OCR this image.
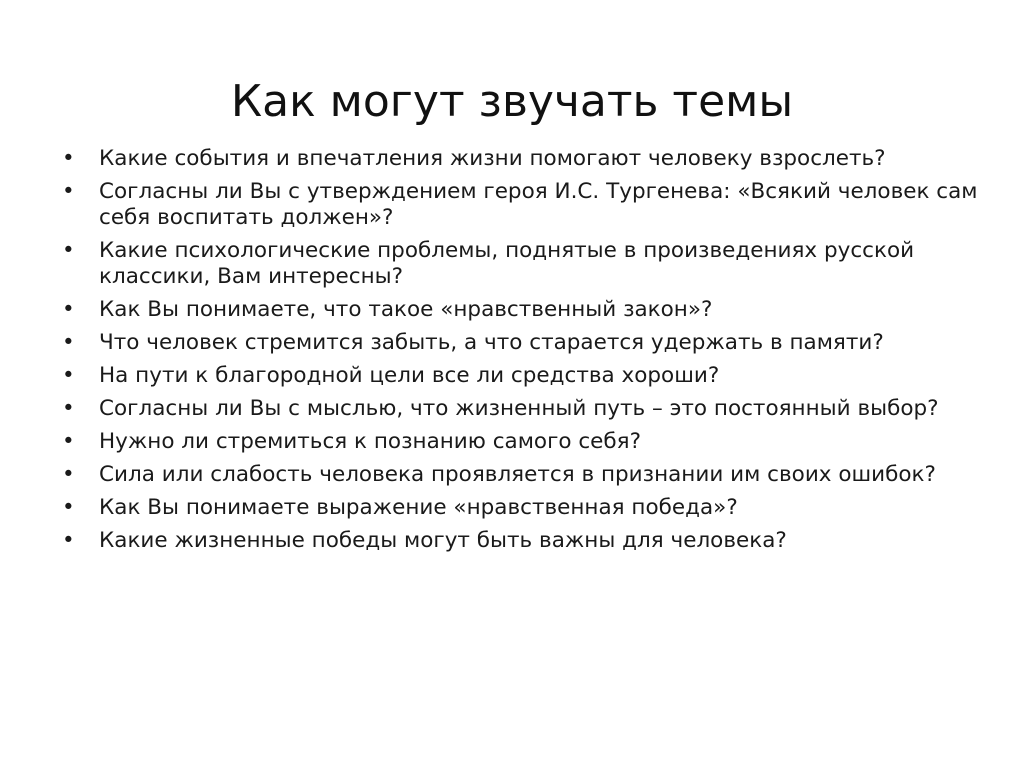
Как могут звучать темы
• Какие события и впечатления жизни помогают человеку взрослеть?
• Согласны ли Вы с утверждением героя И.С. Тургенева: «Всякий человек сам себя воспитать должен»?
• Какие психологические проблемы, поднятые в произведениях русской классики, Вам интересны?
• Как Вы понимаете, что такое «нравственный закон»?
• Что человек стремится забыть, а что старается удержать в памяти?
• На пути к благородной цели все ли средства хороши?
• Согласны ли Вы с мыслью, что жизненный путь – это постоянный выбор?
• Нужно ли стремиться к познанию самого себя?
• Сила или слабость человека проявляется в признании им своих ошибок?
• Как Вы понимаете выражение «нравственная победа»?
• Какие жизненные победы могут быть важны для человека?
